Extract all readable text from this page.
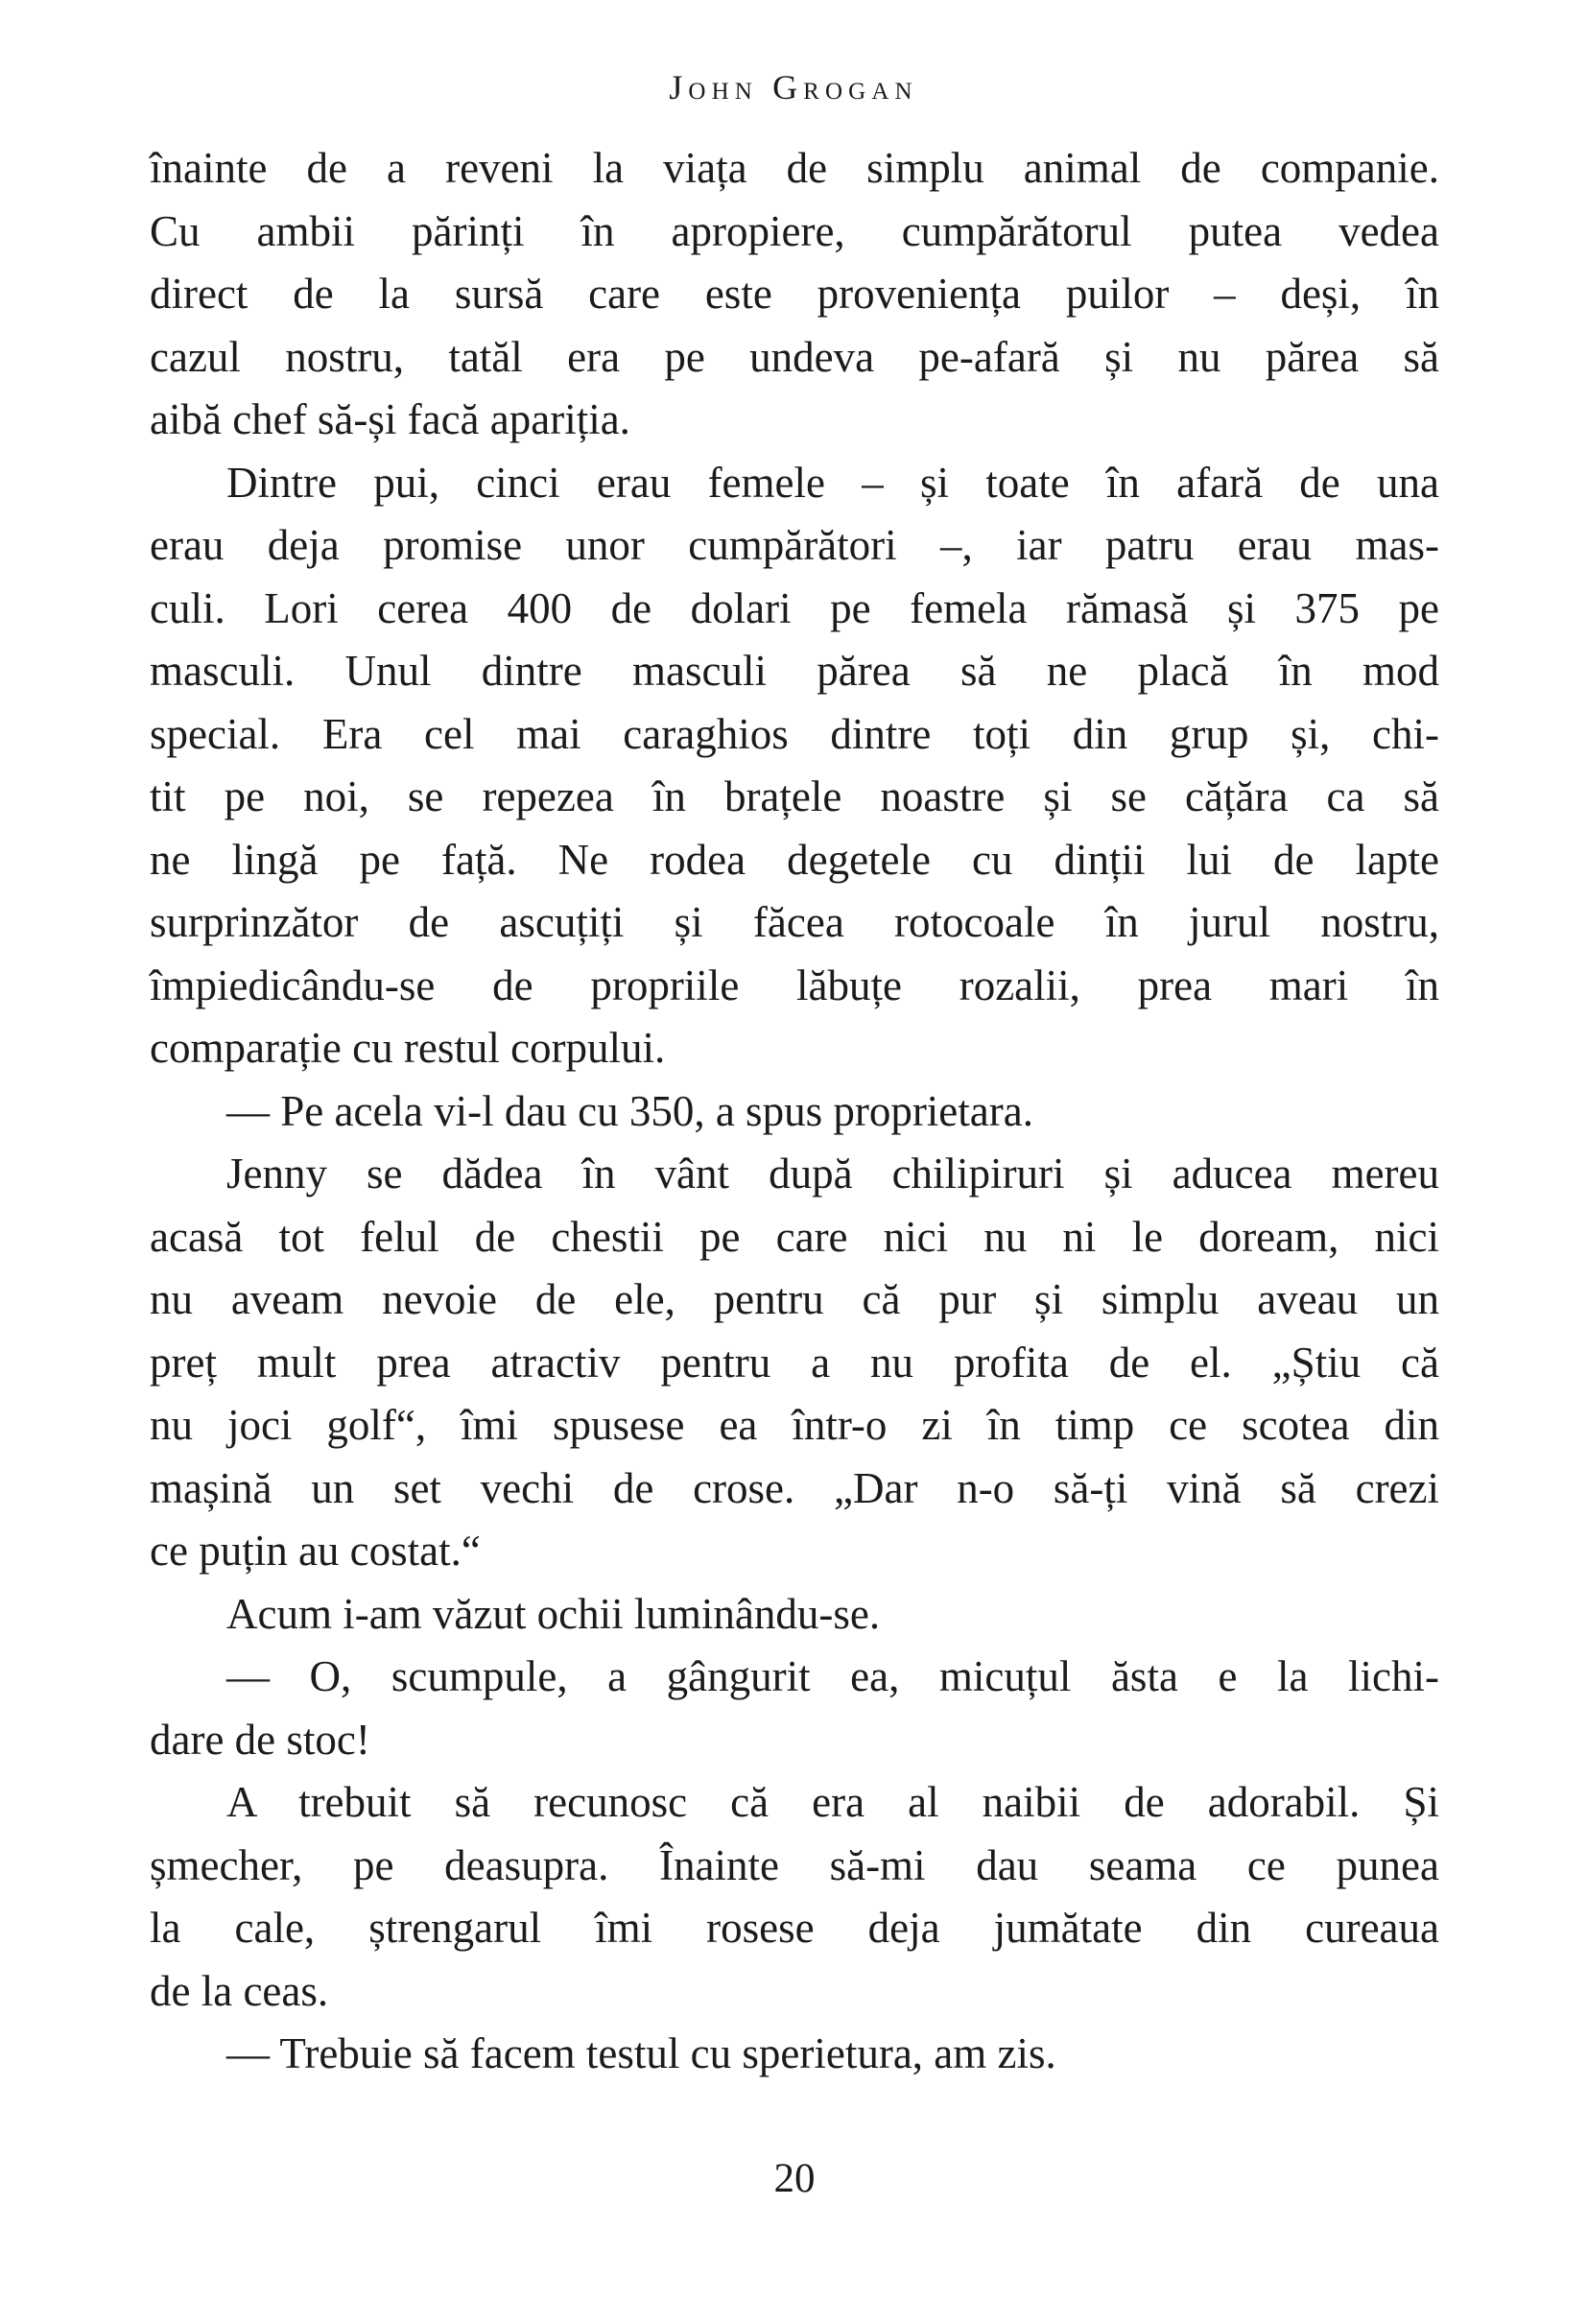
John Grogan
înainte de a reveni la viața de simplu animal de companie.
Cu ambii părinți în apropiere, cumpărătorul putea vedea
direct de la sursă care este proveniența puilor – deși, în
cazul nostru, tatăl era pe undeva pe-afară și nu părea să
aibă chef să-și facă apariția.
Dintre pui, cinci erau femele – și toate în afară de una
erau deja promise unor cumpărători –, iar patru erau mas-
culi. Lori cerea 400 de dolari pe femela rămasă și 375 pe
masculi. Unul dintre masculi părea să ne placă în mod
special. Era cel mai caraghios dintre toți din grup și, chi-
tit pe noi, se repezea în brațele noastre și se cățăra ca să
ne lingă pe față. Ne rodea degetele cu dinții lui de lapte
surprinzător de ascuțiți și făcea rotocoale în jurul nostru,
împiedicându-se de propriile lăbuțe rozalii, prea mari în
comparație cu restul corpului.
— Pe acela vi-l dau cu 350, a spus proprietara.
Jenny se dădea în vânt după chilipiruri și aducea mereu
acasă tot felul de chestii pe care nici nu ni le doream, nici
nu aveam nevoie de ele, pentru că pur și simplu aveau un
preț mult prea atractiv pentru a nu profita de el. „Știu că
nu joci golf“, îmi spusese ea într-o zi în timp ce scotea din
mașină un set vechi de crose. „Dar n-o să-ți vină să crezi
ce puțin au costat.“
Acum i-am văzut ochii luminându-se.
— O, scumpule, a gângurit ea, micuțul ăsta e la lichi-
dare de stoc!
A trebuit să recunosc că era al naibii de adorabil. Și
șmecher, pe deasupra. Înainte să-mi dau seama ce punea
la cale, ștrengarul îmi rosese deja jumătate din cureaua
de la ceas.
— Trebuie să facem testul cu sperietura, am zis.
20
